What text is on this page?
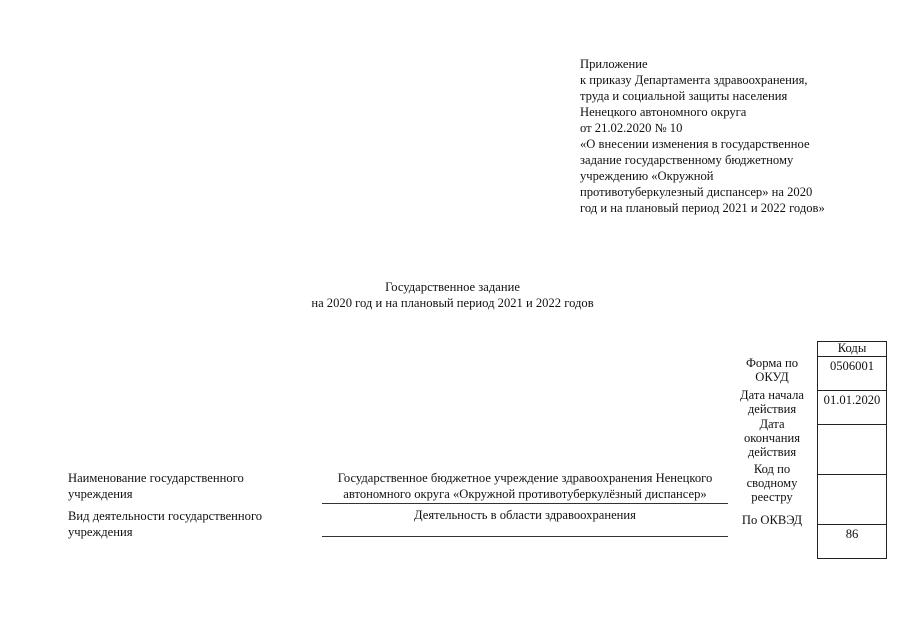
Приложение
к приказу Департамента здравоохранения,
труда и социальной защиты населения
Ненецкого автономного округа
от 21.02.2020 № 10
«О внесении изменения в государственное
задание государственному бюджетному
учреждению «Окружной
противотуберкулезный диспансер» на 2020
год и на плановый период 2021 и 2022 годов»
Государственное задание
на 2020 год и на плановый период 2021 и 2022 годов
Коды
0506001
01.01.2020
86
Форма по ОКУД
Дата начала действия
Дата окончания действия
Код по сводному реестру
По ОКВЭД
Наименование государственного учреждения
Государственное бюджетное учреждение здравоохранения Ненецкого автономного округа «Окружной противотуберкулёзный диспансер»
Вид деятельности государственного учреждения
Деятельность в области здравоохранения
